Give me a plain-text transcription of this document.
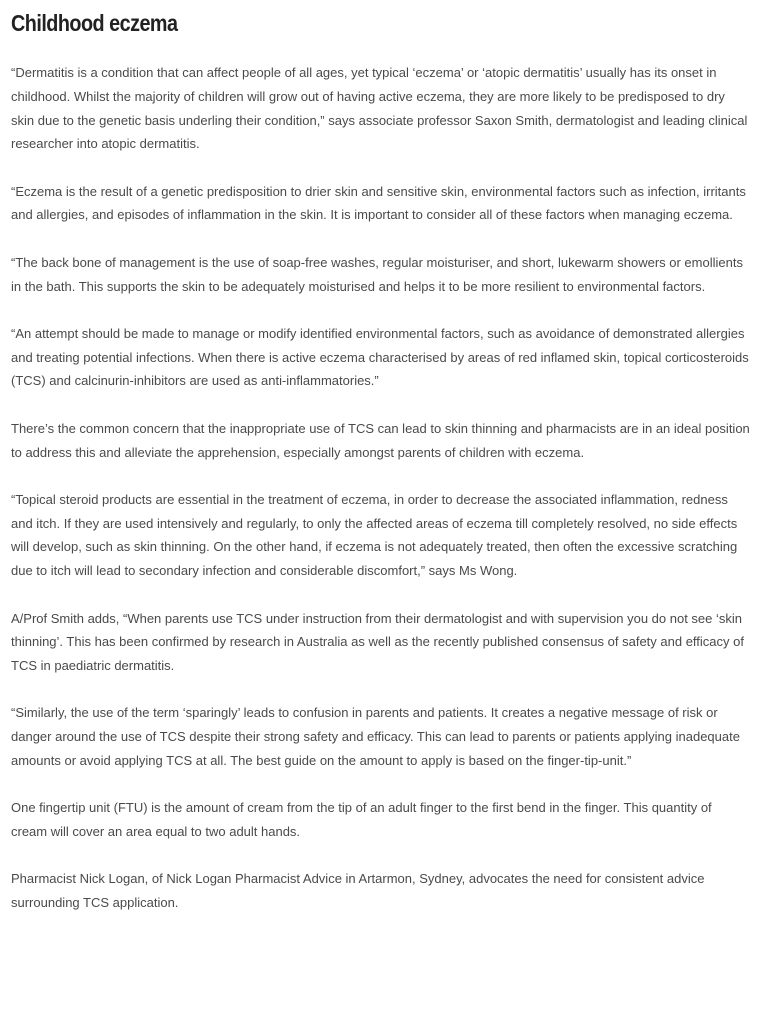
Childhood eczema

“Dermatitis is a condition that can affect people of all ages, yet typical ‘eczema’ or ‘atopic dermatitis’ usually has its onset in childhood. Whilst the majority of children will grow out of having active eczema, they are more likely to be predisposed to dry skin due to the genetic basis underling their condition,” says associate professor Saxon Smith, dermatologist and leading clinical researcher into atopic dermatitis.

“Eczema is the result of a genetic predisposition to drier skin and sensitive skin, environmental factors such as infection, irritants and allergies, and episodes of inflammation in the skin. It is important to consider all of these factors when managing eczema.

“The back bone of management is the use of soap-free washes, regular moisturiser, and short, lukewarm showers or emollients in the bath. This supports the skin to be adequately moisturised and helps it to be more resilient to environmental factors.

“An attempt should be made to manage or modify identified environmental factors, such as avoidance of demonstrated allergies and treating potential infections. When there is active eczema characterised by areas of red inflamed skin, topical corticosteroids (TCS) and calcinurin-inhibitors are used as anti-inflammatories.”

There’s the common concern that the inappropriate use of TCS can lead to skin thinning and pharmacists are in an ideal position to address this and alleviate the apprehension, especially amongst parents of children with eczema.

“Topical steroid products are essential in the treatment of eczema, in order to decrease the associated inflammation, redness and itch. If they are used intensively and regularly, to only the affected areas of eczema till completely resolved, no side effects will develop, such as skin thinning. On the other hand, if eczema is not adequately treated, then often the excessive scratching due to itch will lead to secondary infection and considerable discomfort,” says Ms Wong.

A/Prof Smith adds, “When parents use TCS under instruction from their dermatologist and with supervision you do not see ‘skin thinning’. This has been confirmed by research in Australia as well as the recently published consensus of safety and efficacy of TCS in paediatric dermatitis.

“Similarly, the use of the term ‘sparingly’ leads to confusion in parents and patients. It creates a negative message of risk or danger around the use of TCS despite their strong safety and efficacy. This can lead to parents or patients applying inadequate amounts or avoid applying TCS at all. The best guide on the amount to apply is based on the finger-tip-unit.”

One fingertip unit (FTU) is the amount of cream from the tip of an adult finger to the first bend in the finger. This quantity of cream will cover an area equal to two adult hands.

Pharmacist Nick Logan, of Nick Logan Pharmacist Advice in Artarmon, Sydney, advocates the need for consistent advice surrounding TCS application.
